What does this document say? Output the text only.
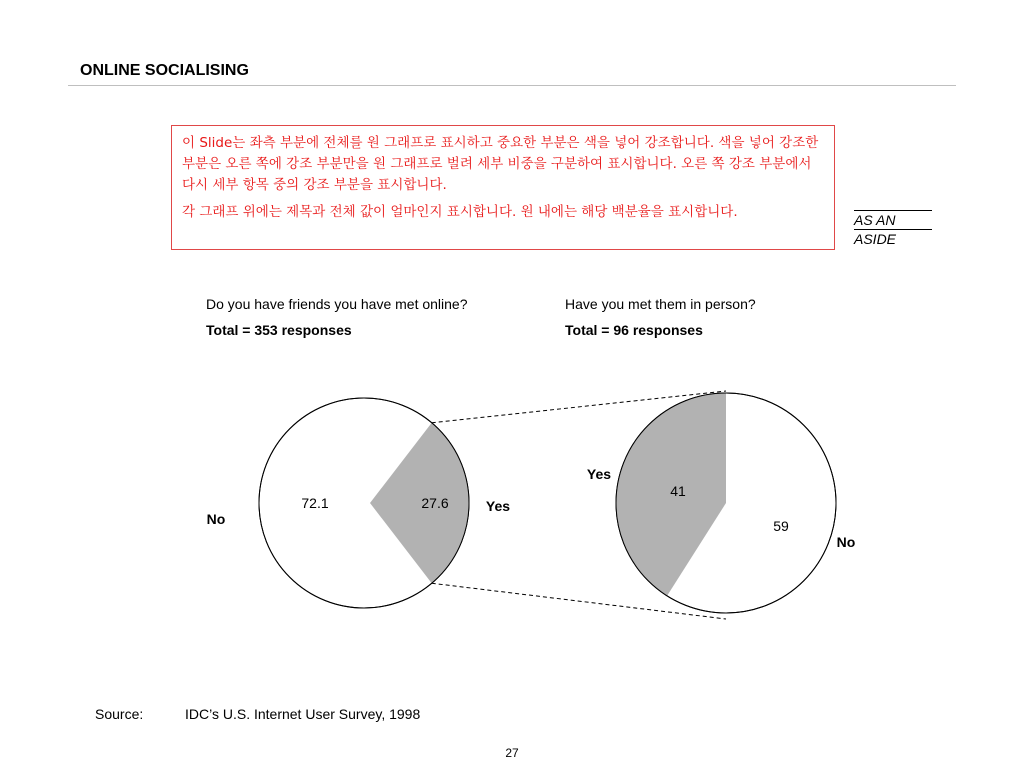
ONLINE SOCIALISING

이 Slide는 좌측 부분에 전체를 원 그래프로 표시하고 중요한 부분은 색을 넣어 강조합니다. 색을 넣어 강조한 부분은 오른 쪽에 강조 부분만을 원 그래프로 벌려 세부 비중을 구분하여 표시합니다. 오른 쪽 강조 부분에서 다시 세부 항목 중의 강조 부분을 표시합니다.

각 그래프 위에는 제목과 전체 값이 얼마인지 표시합니다. 원 내에는 해당 백분율을 표시합니다.	AS AN
ASIDE
Do you have friends you have met online?
Total = 353 responses
Have you met them in person?
Total = 96 responses
72.1	27.6
No
Yes
41
59
Yes
No
Source:	IDC’s U.S. Internet User Survey, 1998
27
